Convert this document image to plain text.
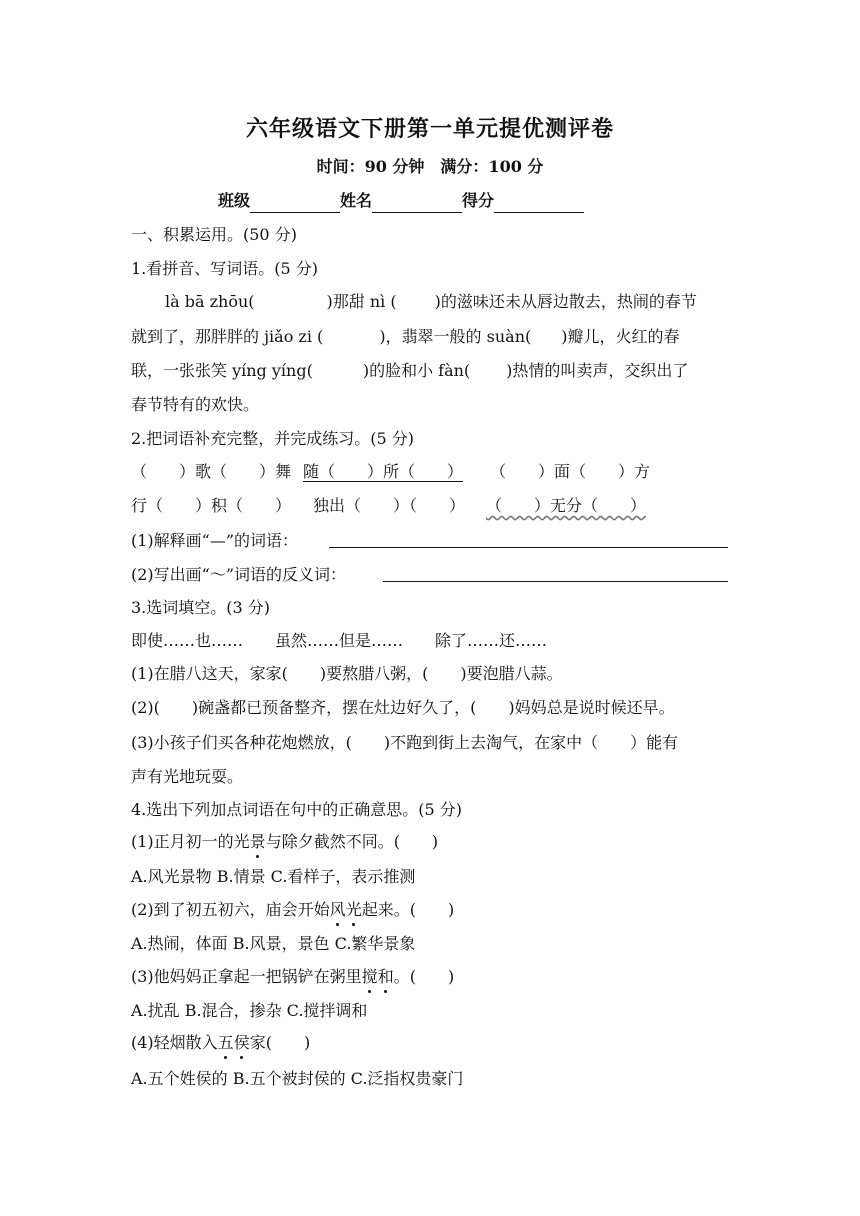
六年级语文下册第一单元提优测评卷
时间：90 分钟　满分：100 分
班级	姓名	得分
一、积累运用。(50 分)
1.看拼音、写词语。(5 分)
là bā zhōu(	)那甜 nì ( )的滋味还未从唇边散去，热闹的春节
就到了，那胖胖的 jiǎo zi (	)，翡翠一般的 suàn( )瓣儿，火红的春
联，一张张笑 yíng yíng(	)的脸和小 fàn( )热情的叫卖声，交织出了
春节特有的欢快。
2.把词语补充完整，并完成练习。(5 分)
（　　）歌（　　）舞 随（　　）所（　　） （　　）面（　　）方
行（　　）积（　　） 独出（　　）（　　） （　　）无分（　　）
(1)解释画“—”的词语：
(2)写出画“～”词语的反义词：
3.选词填空。(3 分)
即使……也……　　虽然……但是……　　除了……还……
(1)在腊八这天，家家(　　)要熬腊八粥，(　　)要泡腊八蒜。
(2)(　　)碗盏都已预备整齐，摆在灶边好久了，(　　)妈妈总是说时候还早。
(3)小孩子们买各种花炮燃放，(　　)不跑到街上去淘气，在家中（　　）能有
声有光地玩耍。
4.选出下列加点词语在句中的正确意思。(5 分)
(1)正月初一的光景与除夕截然不同。(　　)
A.风光景物 B.情景 C.看样子，表示推测
(2)到了初五初六，庙会开始风光起来。(　　)
A.热闹，体面 B.风景，景色 C.繁华景象
(3)他妈妈正拿起一把锅铲在粥里搅和。(　　)
A.扰乱 B.混合，掺杂 C.搅拌调和
(4)轻烟散入五侯家(　　)
A.五个姓侯的 B.五个被封侯的 C.泛指权贵豪门
